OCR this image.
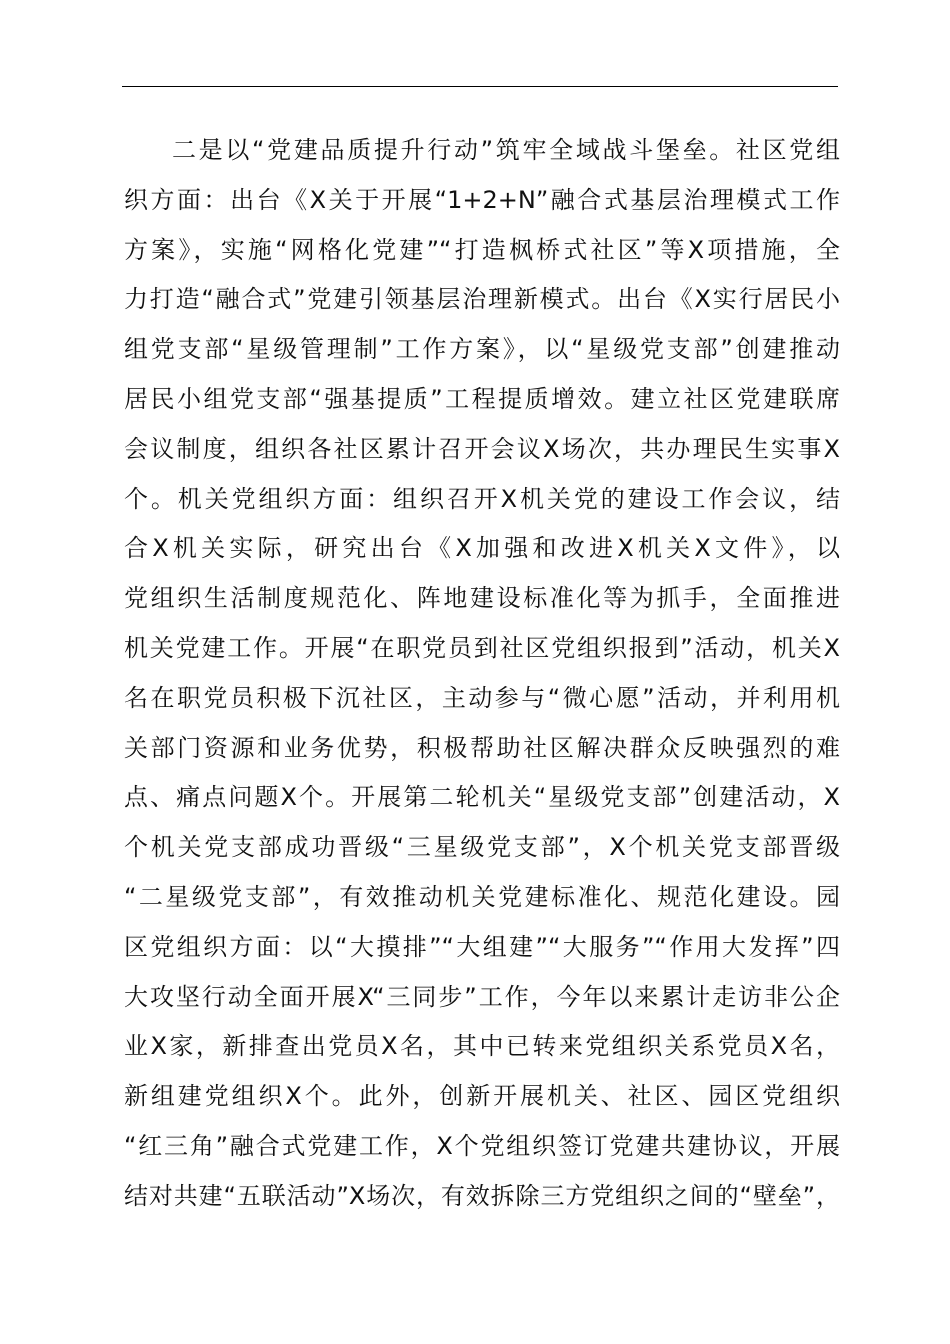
二是以“党建品质提升行动”筑牢全域战斗堡垒。社区党组
织方面：出台《X关于开展“1+2+N”融合式基层治理模式工作
方案》，实施“网格化党建”“打造枫桥式社区”等X项措施，全
力打造“融合式”党建引领基层治理新模式。出台《X实行居民小
组党支部“星级管理制”工作方案》，以“星级党支部”创建推动
居民小组党支部“强基提质”工程提质增效。建立社区党建联席
会议制度，组织各社区累计召开会议X场次，共办理民生实事X
个。机关党组织方面：组织召开X机关党的建设工作会议，结
合X机关实际，研究出台《X加强和改进X机关X文件》，以
党组织生活制度规范化、阵地建设标准化等为抓手，全面推进
机关党建工作。开展“在职党员到社区党组织报到”活动，机关X
名在职党员积极下沉社区，主动参与“微心愿”活动，并利用机
关部门资源和业务优势，积极帮助社区解决群众反映强烈的难
点、痛点问题X个。开展第二轮机关“星级党支部”创建活动，X
个机关党支部成功晋级“三星级党支部”，X个机关党支部晋级
“二星级党支部”，有效推动机关党建标准化、规范化建设。园
区党组织方面：以“大摸排”“大组建”“大服务”“作用大发挥”四
大攻坚行动全面开展X“三同步”工作，今年以来累计走访非公企
业X家，新排查出党员X名，其中已转来党组织关系党员X名，
新组建党组织X个。此外，创新开展机关、社区、园区党组织
“红三角”融合式党建工作，X个党组织签订党建共建协议，开展
结对共建“五联活动”X场次，有效拆除三方党组织之间的“壁垒”，
